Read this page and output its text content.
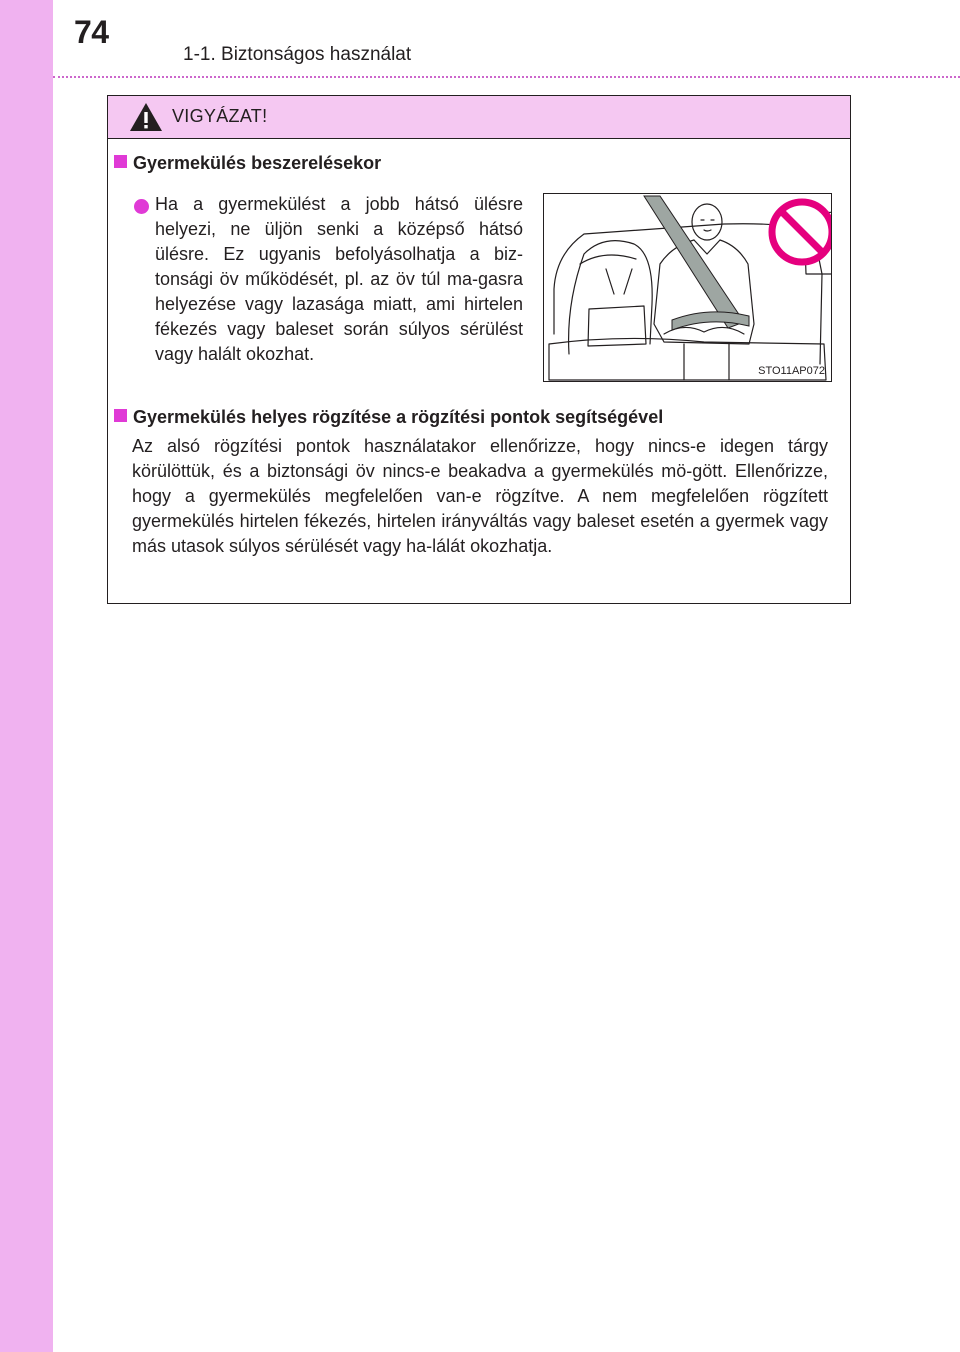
74
1-1. Biztonságos használat
VIGYÁZAT!
Gyermekülés beszerelésekor

Ha a gyermekülést a jobb hátsó ülésre helyezi, ne üljön senki a középső hátsó ülésre. Ez ugyanis befolyásolhatja a biz-tonsági öv működését, pl. az öv túl ma-gasra helyezése vagy lazasága miatt, ami hirtelen fékezés vagy baleset során súlyos sérülést vagy halált okozhat.

STO11AP072
Gyermekülés helyes rögzítése a rögzítési pontok segítségével

Az alsó rögzítési pontok használatakor ellenőrizze, hogy nincs-e idegen tárgy körülöttük, és a biztonsági öv nincs-e beakadva a gyermekülés mö-gött. Ellenőrizze, hogy a gyermekülés megfelelően van-e rögzítve. A nem megfelelően rögzített gyermekülés hirtelen fékezés, hirtelen irányváltás vagy baleset esetén a gyermek vagy más utasok súlyos sérülését vagy ha-lálát okozhatja.
